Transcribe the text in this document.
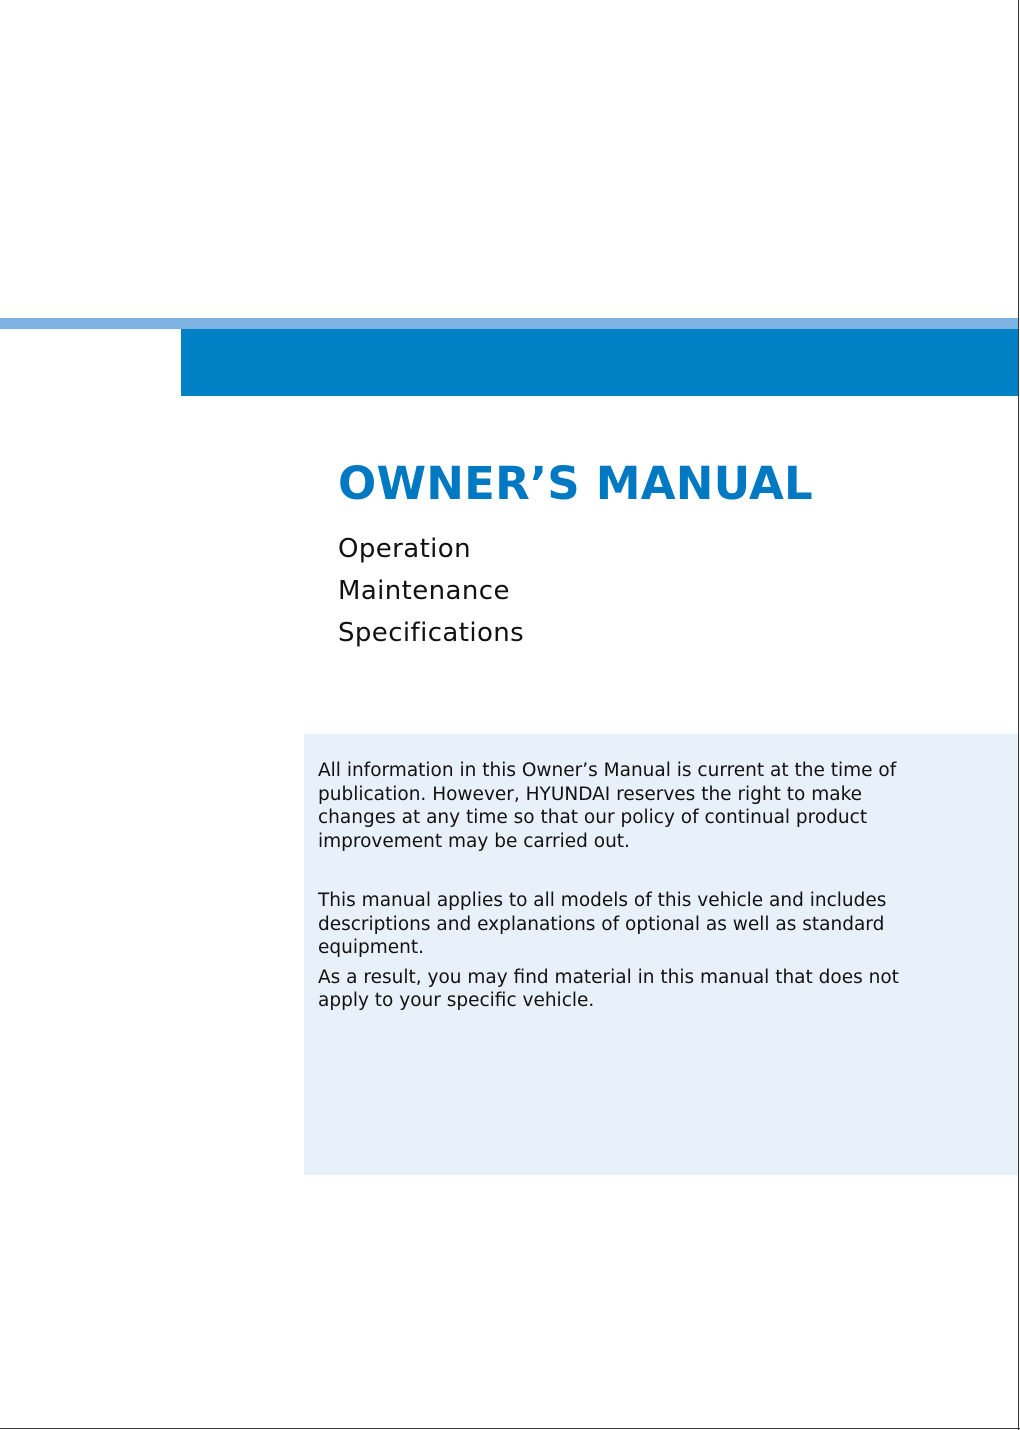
OWNER’S MANUAL
Operation
Maintenance
Specifications

All information in this Owner’s Manual is current at the time of publication. However, HYUNDAI reserves the right to make changes at any time so that our policy of continual product improvement may be carried out.

This manual applies to all models of this vehicle and includes descriptions and explanations of optional as well as standard equipment.

As a result, you may find material in this manual that does not apply to your specific vehicle.
